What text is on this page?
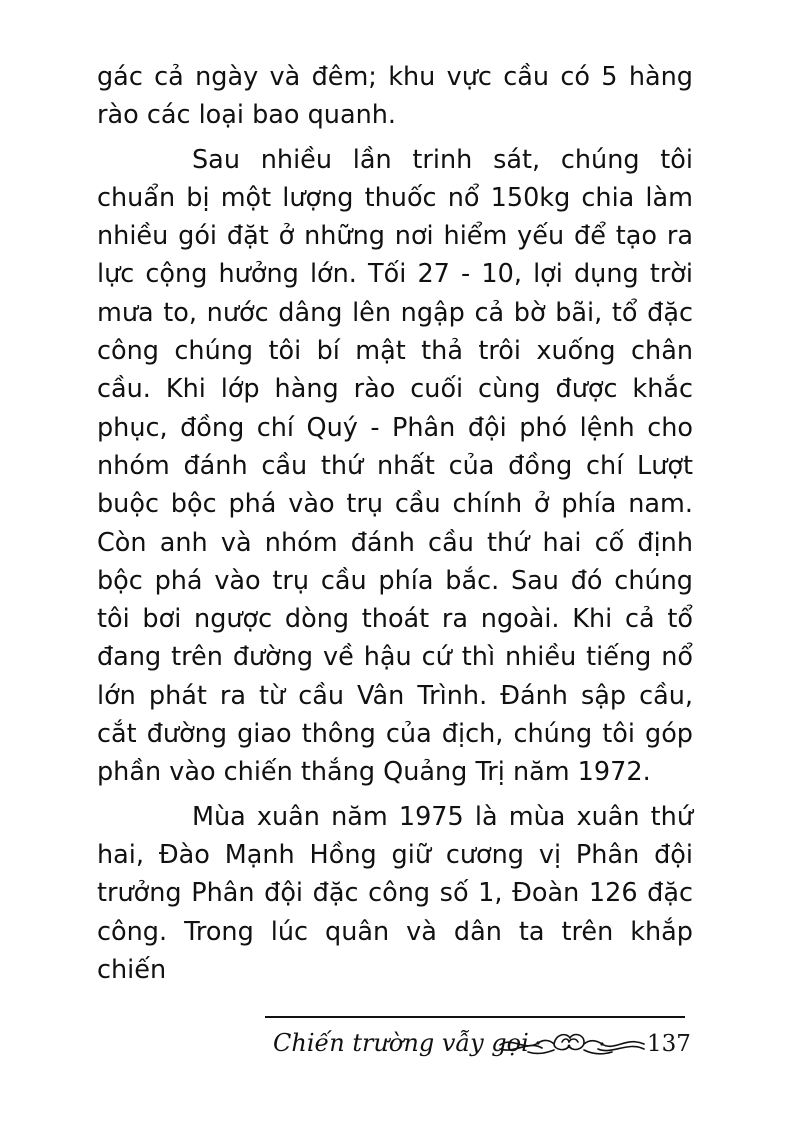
gác cả ngày và đêm; khu vực cầu có 5 hàng rào các loại bao quanh.

Sau nhiều lần trinh sát, chúng tôi chuẩn bị một lượng thuốc nổ 150kg chia làm nhiều gói đặt ở những nơi hiểm yếu để tạo ra lực cộng hưởng lớn. Tối 27 - 10, lợi dụng trời mưa to, nước dâng lên ngập cả bờ bãi, tổ đặc công chúng tôi bí mật thả trôi xuống chân cầu. Khi lớp hàng rào cuối cùng được khắc phục, đồng chí Quý - Phân đội phó lệnh cho nhóm đánh cầu thứ nhất của đồng chí Lượt buộc bộc phá vào trụ cầu chính ở phía nam. Còn anh và nhóm đánh cầu thứ hai cố định bộc phá vào trụ cầu phía bắc. Sau đó chúng tôi bơi ngược dòng thoát ra ngoài. Khi cả tổ đang trên đường về hậu cứ thì nhiều tiếng nổ lớn phát ra từ cầu Vân Trình. Đánh sập cầu, cắt đường giao thông của địch, chúng tôi góp phần vào chiến thắng Quảng Trị năm 1972.

Mùa xuân năm 1975 là mùa xuân thứ hai, Đào Mạnh Hồng giữ cương vị Phân đội trưởng Phân đội đặc công số 1, Đoàn 126 đặc công. Trong lúc quân và dân ta trên khắp chiến

Chiến trường vẫy gọi	137
